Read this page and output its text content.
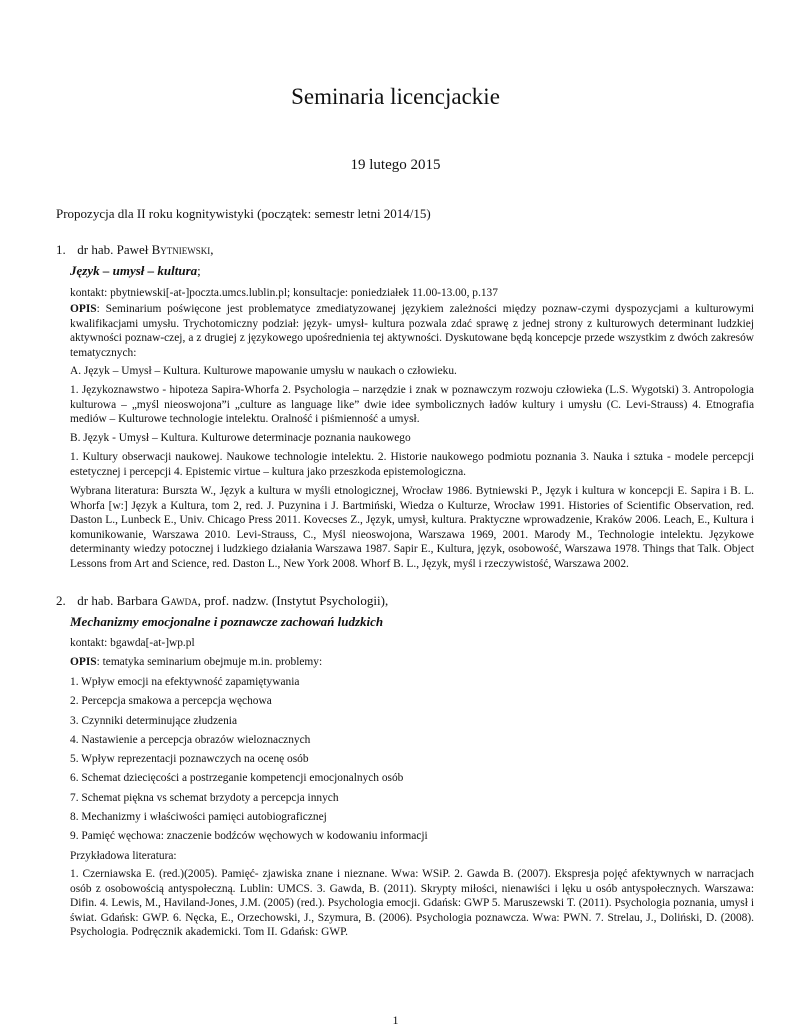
Seminaria licencjackie
19 lutego 2015
Propozycja dla II roku kognitywistyki (początek: semestr letni 2014/15)
1. dr hab. Paweł Bytniewski,
Język – umysł – kultura;
kontakt: pbytniewski[-at-]poczta.umcs.lublin.pl; konsultacje: poniedziałek 11.00-13.00, p.137
OPIS: Seminarium poświęcone jest problematyce zmediatyzowanej językiem zależności między poznaw-czymi dyspozycjami a kulturowymi kwalifikacjami umysłu. Trychotomiczny podział: język- umysł- kultura pozwala zdać sprawę z jednej strony z kulturowych determinant ludzkiej aktywności poznaw-czej, a z drugiej z językowego upośrednienia tej aktywności. Dyskutowane będą koncepcje przede wszystkim z dwóch zakresów tematycznych:
A. Język – Umysł – Kultura. Kulturowe mapowanie umysłu w naukach o człowieku.
1. Językoznawstwo - hipoteza Sapira-Whorfa 2. Psychologia – narzędzie i znak w poznawczym rozwoju człowieka (L.S. Wygotski) 3. Antropologia kulturowa – „myśl nieoswojona”i „culture as language like” dwie idee symbolicznych ładów kultury i umysłu (C. Levi-Strauss) 4. Etnografia mediów – Kulturowe technologie intelektu. Oralność i piśmienność a umysł.
B. Język - Umysł – Kultura. Kulturowe determinacje poznania naukowego
1. Kultury obserwacji naukowej. Naukowe technologie intelektu. 2. Historie naukowego podmiotu poznania 3. Nauka i sztuka - modele percepcji estetycznej i percepcji 4. Epistemic virtue – kultura jako przeszkoda epistemologiczna.
Wybrana literatura: Burszta W., Język a kultura w myśli etnologicznej, Wrocław 1986. Bytniewski P., Język i kultura w koncepcji E. Sapira i B. L. Whorfa [w:] Język a Kultura, tom 2, red. J. Puzynina i J. Bartmiński, Wiedza o Kulturze, Wrocław 1991. Histories of Scientific Observation, red. Daston L., Lunbeck E., Univ. Chicago Press 2011. Kovecses Z., Język, umysł, kultura. Praktyczne wprowadzenie, Kraków 2006. Leach, E., Kultura i komunikowanie, Warszawa 2010. Levi-Strauss, C., Myśl nieoswojona, Warszawa 1969, 2001. Marody M., Technologie intelektu. Językowe determinanty wiedzy potocznej i ludzkiego działania Warszawa 1987. Sapir E., Kultura, język, osobowość, Warszawa 1978. Things that Talk. Object Lessons from Art and Science, red. Daston L., New York 2008. Whorf B. L., Język, myśl i rzeczywistość, Warszawa 2002.
2. dr hab. Barbara Gawda, prof. nadzw. (Instytut Psychologii),
Mechanizmy emocjonalne i poznawcze zachowań ludzkich
kontakt: bgawda[-at-]wp.pl
OPIS: tematyka seminarium obejmuje m.in. problemy:
1. Wpływ emocji na efektywność zapamiętywania
2. Percepcja smakowa a percepcja węchowa
3. Czynniki determinujące złudzenia
4. Nastawienie a percepcja obrazów wieloznacznych
5. Wpływ reprezentacji poznawczych na ocenę osób
6. Schemat dziecięcości a postrzeganie kompetencji emocjonalnych osób
7. Schemat piękna vs schemat brzydoty a percepcja innych
8. Mechanizmy i właściwości pamięci autobiograficznej
9. Pamięć węchowa: znaczenie bodźców węchowych w kodowaniu informacji
Przykładowa literatura:
1. Czerniawska E. (red.)(2005). Pamięć- zjawiska znane i nieznane. Wwa: WSiP. 2. Gawda B. (2007). Ekspresja pojęć afektywnych w narracjach osób z osobowością antyspołeczną. Lublin: UMCS. 3. Gawda, B. (2011). Skrypty miłości, nienawiści i lęku u osób antyspołecznych. Warszawa: Difin. 4. Lewis, M., Haviland-Jones, J.M. (2005) (red.). Psychologia emocji. Gdańsk: GWP 5. Maruszewski T. (2011). Psychologia poznania, umysł i świat. Gdańsk: GWP. 6. Nęcka, E., Orzechowski, J., Szymura, B. (2006). Psychologia poznawcza. Wwa: PWN. 7. Strelau, J., Doliński, D. (2008). Psychologia. Podręcznik akademicki. Tom II. Gdańsk: GWP.
1
